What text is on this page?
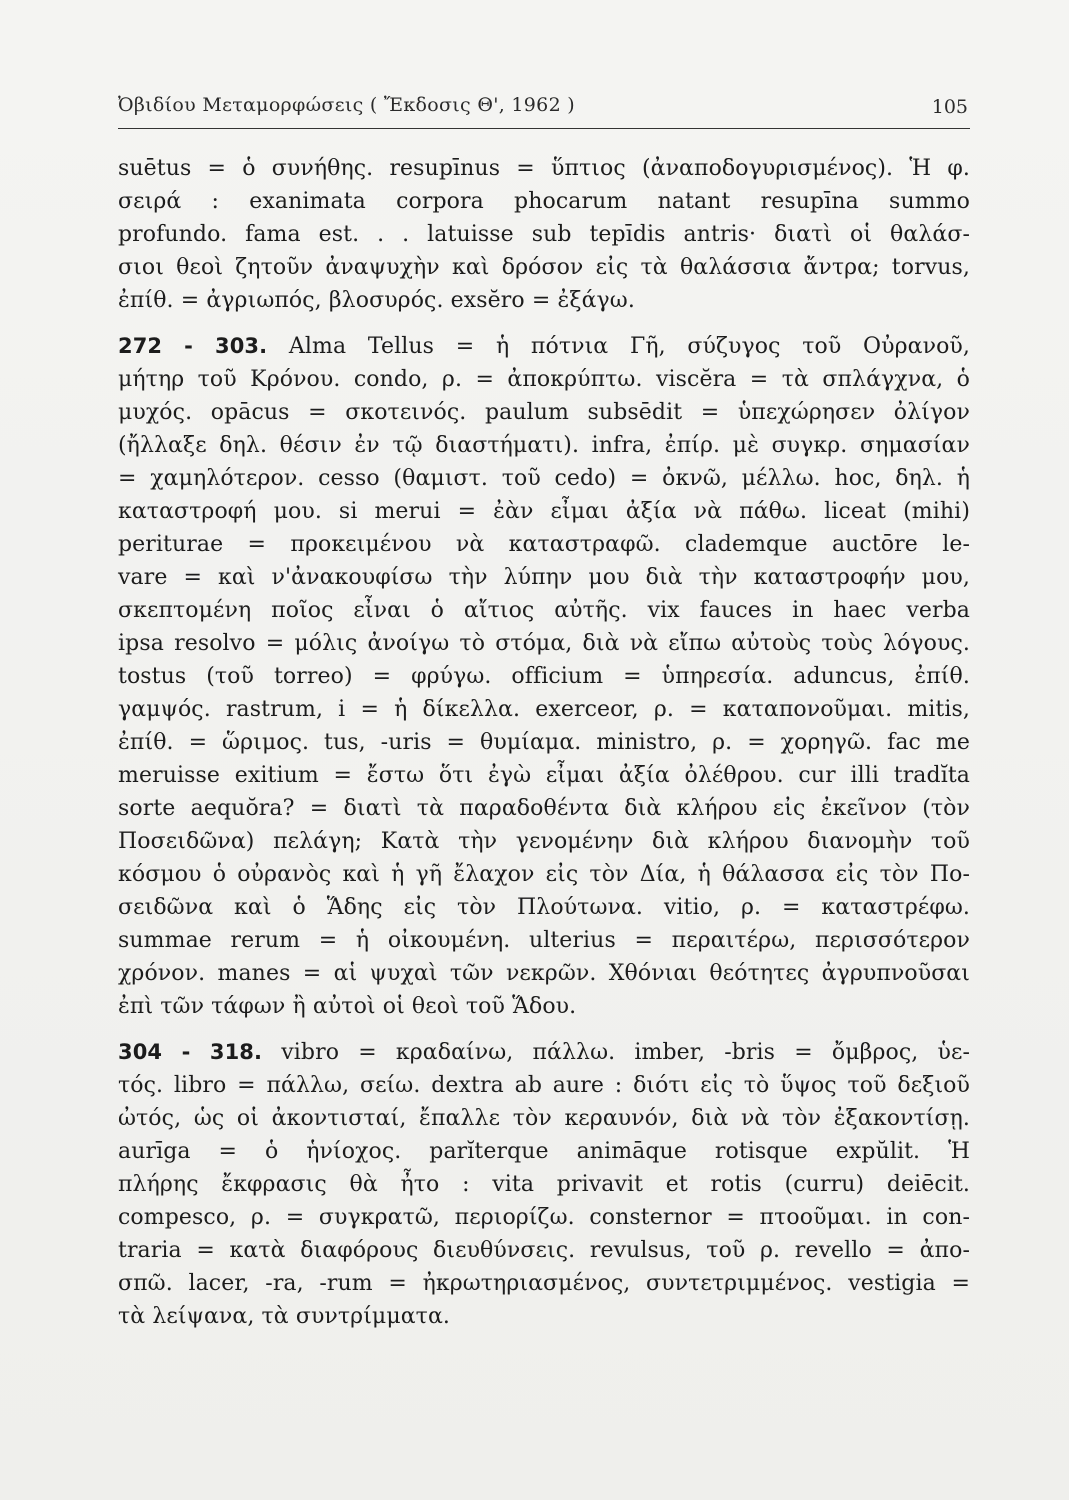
Ὀβιδίου Μεταμορφώσεις ( Ἔκδοσις Θ', 1962 )	105
suētus = ὁ συνήθης. resupīnus = ὕπτιος (ἀναποδογυρισμένος). Ἡ φ.
σειρά : exanimata corpora phocarum natant resupīna summo
profundo. fama est. . . latuisse sub tepīdis antris· διατὶ οἱ θαλάσ-
σιοι θεοὶ ζητοῦν ἀναψυχὴν καὶ δρόσον εἰς τὰ θαλάσσια ἄντρα; torvus,
ἐπίθ. = ἀγριωπός, βλοσυρός. exsĕro = ἐξάγω.
272 - 303. Alma Tellus = ἡ πότνια Γῆ, σύζυγος τοῦ Οὐρανοῦ,
μήτηρ τοῦ Κρόνου. condo, ρ. = ἀποκρύπτω. viscĕra = τὰ σπλάγχνα, ὁ
μυχός. opācus = σκοτεινός. paulum subsēdit = ὑπεχώρησεν ὀλίγον
(ἤλλαξε δηλ. θέσιν ἐν τῷ διαστήματι). infra, ἐπίρ. μὲ συγκρ. σημασίαν
= χαμηλότερον. cesso (θαμιστ. τοῦ cedo) = ὀκνῶ, μέλλω. hoc, δηλ. ἡ
καταστροφή μου. si merui = ἐὰν εἶμαι ἀξία νὰ πάθω. liceat (mihi)
periturae = προκειμένου νὰ καταστραφῶ. clademque auctōre le-
vare = καὶ ν'ἀνακουφίσω τὴν λύπην μου διὰ τὴν καταστροφήν μου,
σκεπτομένη ποῖος εἶναι ὁ αἴτιος αὐτῆς. vix fauces in haec verba
ipsa resolvo = μόλις ἀνοίγω τὸ στόμα, διὰ νὰ εἴπω αὐτοὺς τοὺς λόγους.
tostus (τοῦ torreo) = φρύγω. officium = ὑπηρεσία. aduncus, ἐπίθ.
γαμψός. rastrum, i = ἡ δίκελλα. exerceor, ρ. = καταπονοῦμαι. mitis,
ἐπίθ. = ὥριμος. tus, -uris = θυμίαμα. ministro, ρ. = χορηγῶ. fac me
meruisse exitium = ἔστω ὅτι ἐγὼ εἶμαι ἀξία ὀλέθρου. cur illi tradĭta
sorte aequŏra? = διατὶ τὰ παραδοθέντα διὰ κλήρου εἰς ἐκεῖνον (τὸν
Ποσειδῶνα) πελάγη; Κατὰ τὴν γενομένην διὰ κλήρου διανομὴν τοῦ
κόσμου ὁ οὐρανὸς καὶ ἡ γῆ ἔλαχον εἰς τὸν Δία, ἡ θάλασσα εἰς τὸν Πο-
σειδῶνα καὶ ὁ Ἅδης εἰς τὸν Πλούτωνα. vitio, ρ. = καταστρέφω.
summae rerum = ἡ οἰκουμένη. ulterius = περαιτέρω, περισσότερον
χρόνον. manes = αἱ ψυχαὶ τῶν νεκρῶν. Χθόνιαι θεότητες ἀγρυπνοῦσαι
ἐπὶ τῶν τάφων ἢ αὐτοὶ οἱ θεοὶ τοῦ Ἅδου.
304 - 318. vibro = κραδαίνω, πάλλω. imber, -bris = ὄμβρος, ὑε-
τός. libro = πάλλω, σείω. dextra ab aure : διότι εἰς τὸ ὕψος τοῦ δεξιοῦ
ὠτός, ὡς οἱ ἀκοντισταί, ἔπαλλε τὸν κεραυνόν, διὰ νὰ τὸν ἐξακοντίσῃ.
aurīga = ὁ ἡνίοχος. parĭterque animāque rotisque expŭlit. Ἡ
πλήρης ἔκφρασις θὰ ἦτο : vita privavit et rotis (curru) deiēcit.
compesco, ρ. = συγκρατῶ, περιορίζω. consternor = πτοοῦμαι. in con-
traria = κατὰ διαφόρους διευθύνσεις. revulsus, τοῦ ρ. revello = ἀπο-
σπῶ. lacer, -ra, -rum = ἠκρωτηριασμένος, συντετριμμένος. vestigia =
τὰ λείψανα, τὰ συντρίμματα.
